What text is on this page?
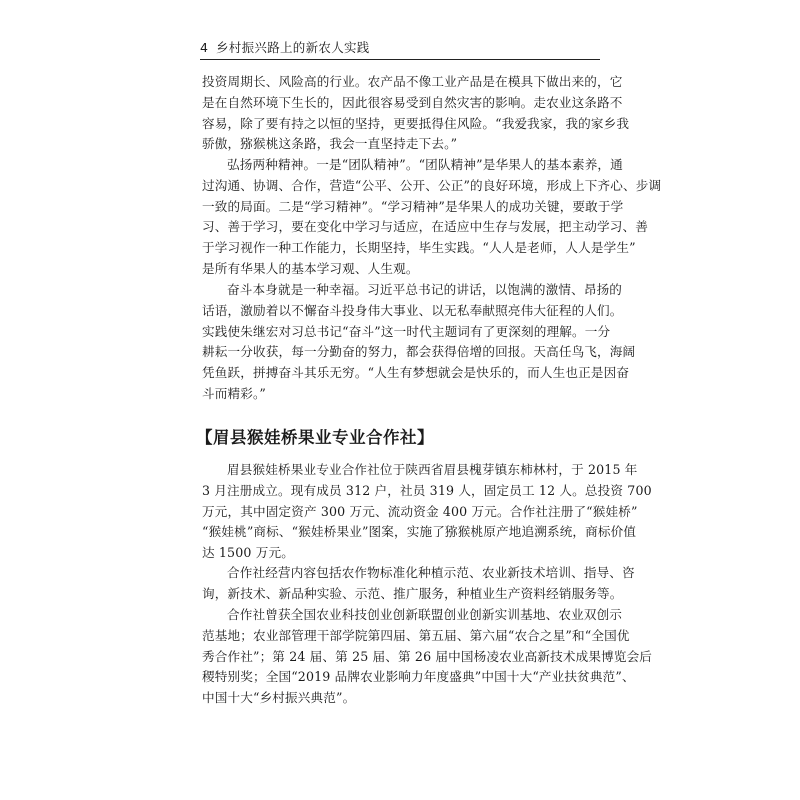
4 乡村振兴路上的新农人实践
投资周期长、风险高的行业。农产品不像工业产品是在模具下做出来的，它
是在自然环境下生长的，因此很容易受到自然灾害的影响。走农业这条路不
容易，除了要有持之以恒的坚持，更要抵得住风险。“我爱我家，我的家乡我
骄傲，猕猴桃这条路，我会一直坚持走下去。”
弘扬两种精神。一是“团队精神”。“团队精神”是华果人的基本素养，通
过沟通、协调、合作，营造“公平、公开、公正”的良好环境，形成上下齐心、步调
一致的局面。二是“学习精神”。“学习精神”是华果人的成功关键，要敢于学
习、善于学习，要在变化中学习与适应，在适应中生存与发展，把主动学习、善
于学习视作一种工作能力，长期坚持，毕生实践。“人人是老师，人人是学生”
是所有华果人的基本学习观、人生观。
奋斗本身就是一种幸福。习近平总书记的讲话，以饱满的激情、昂扬的
话语，激励着以不懈奋斗投身伟大事业、以无私奉献照亮伟大征程的人们。
实践使朱继宏对习总书记“奋斗”这一时代主题词有了更深刻的理解。一分
耕耘一分收获，每一分勤奋的努力，都会获得倍增的回报。天高任鸟飞，海阔
凭鱼跃，拼搏奋斗其乐无穷。“人生有梦想就会是快乐的，而人生也正是因奋
斗而精彩。”
【眉县猴娃桥果业专业合作社】
眉县猴娃桥果业专业合作社位于陕西省眉县槐芽镇东柿林村，于 2015 年
3 月注册成立。现有成员 312 户，社员 319 人，固定员工 12 人。总投资 700
万元，其中固定资产 300 万元、流动资金 400 万元。合作社注册了“猴娃桥”
“猴娃桃”商标、“猴娃桥果业”图案，实施了猕猴桃原产地追溯系统，商标价值
达 1500 万元。
合作社经营内容包括农作物标准化种植示范、农业新技术培训、指导、咨
询，新技术、新品种实验、示范、推广服务，种植业生产资料经销服务等。
合作社曾获全国农业科技创业创新联盟创业创新实训基地、农业双创示
范基地；农业部管理干部学院第四届、第五届、第六届“农合之星”和“全国优
秀合作社”；第 24 届、第 25 届、第 26 届中国杨凌农业高新技术成果博览会后
稷特别奖；全国“2019 品牌农业影响力年度盛典”中国十大“产业扶贫典范”、
中国十大“乡村振兴典范”。
